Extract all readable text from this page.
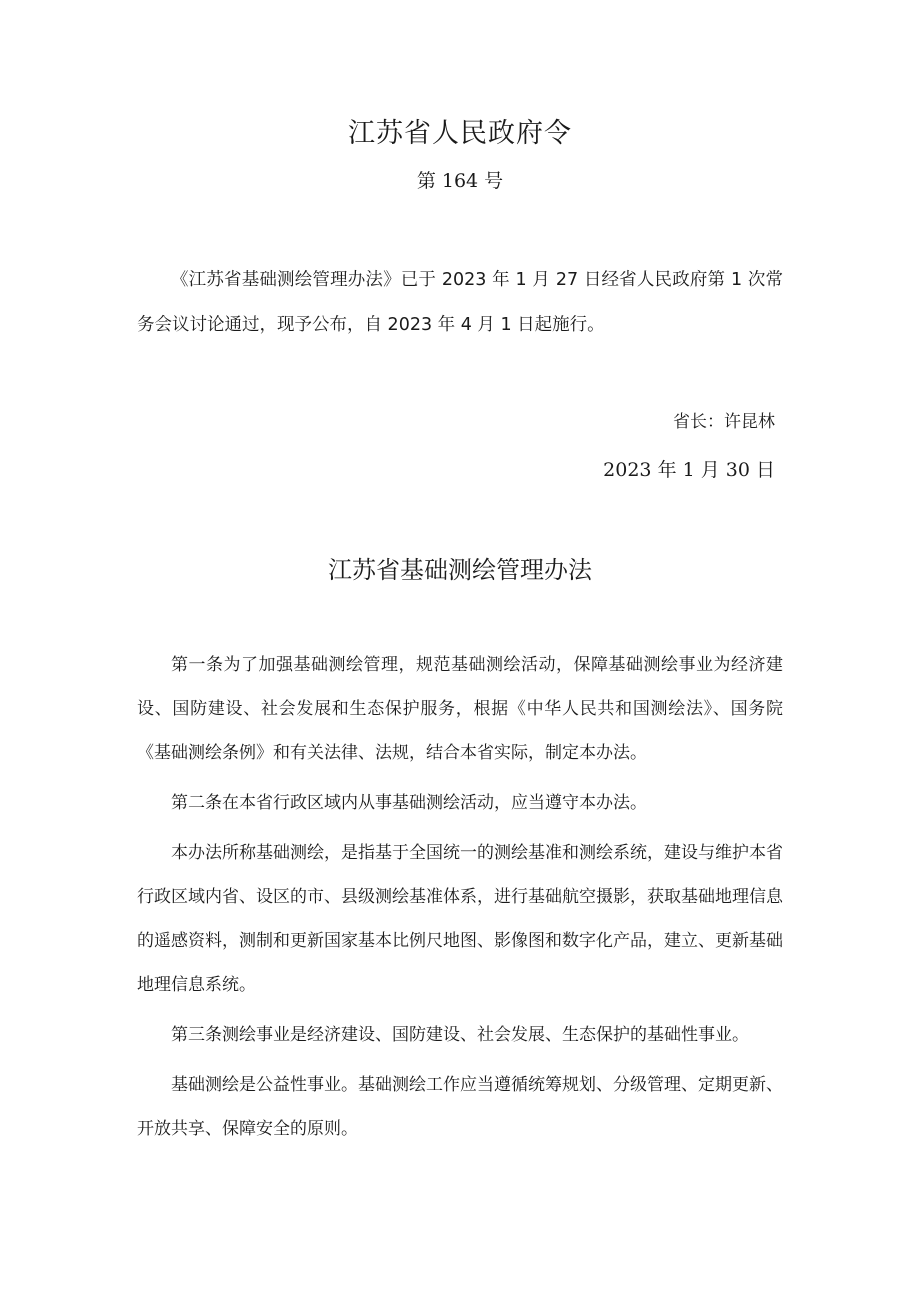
江苏省人民政府令
第 164 号

《江苏省基础测绘管理办法》已于 2023 年 1 月 27 日经省人民政府第 1 次常务会议讨论通过，现予公布，自 2023 年 4 月 1 日起施行。

省长：许昆林
2023 年 1 月 30 日
江苏省基础测绘管理办法

第一条为了加强基础测绘管理，规范基础测绘活动，保障基础测绘事业为经济建设、国防建设、社会发展和生态保护服务，根据《中华人民共和国测绘法》、国务院《基础测绘条例》和有关法律、法规，结合本省实际，制定本办法。

第二条在本省行政区域内从事基础测绘活动，应当遵守本办法。

本办法所称基础测绘，是指基于全国统一的测绘基准和测绘系统，建设与维护本省行政区域内省、设区的市、县级测绘基准体系，进行基础航空摄影，获取基础地理信息的遥感资料，测制和更新国家基本比例尺地图、影像图和数字化产品，建立、更新基础地理信息系统。

第三条测绘事业是经济建设、国防建设、社会发展、生态保护的基础性事业。

基础测绘是公益性事业。基础测绘工作应当遵循统筹规划、分级管理、定期更新、开放共享、保障安全的原则。
